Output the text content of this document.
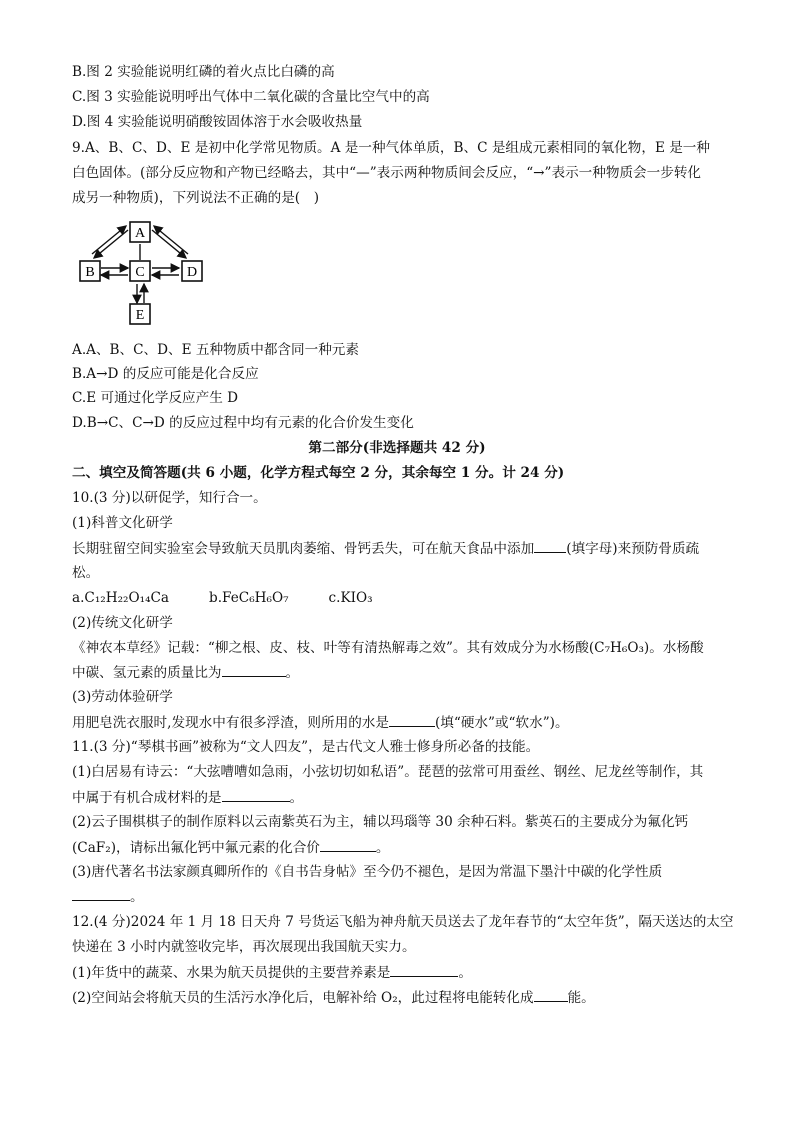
B.图 2 实验能说明红磷的着火点比白磷的高
C.图 3 实验能说明呼出气体中二氧化碳的含量比空气中的高
D.图 4 实验能说明硝酸铵固体溶于水会吸收热量
9.A、B、C、D、E 是初中化学常见物质。A 是一种气体单质，B、C 是组成元素相同的氧化物，E 是一种
白色固体。(部分反应物和产物已经略去，其中“—”表示两种物质间会反应，“→”表示一种物质会一步转化
成另一种物质)，下列说法不正确的是(　)
A
B	C	D
E
A.A、B、C、D、E 五种物质中都含同一种元素
B.A→D 的反应可能是化合反应
C.E 可通过化学反应产生 D
D.B→C、C→D 的反应过程中均有元素的化合价发生变化
第二部分(非选择题共 42 分)
二、填空及简答题(共 6 小题，化学方程式每空 2 分，其余每空 1 分。计 24 分)
10.(3 分)以研促学，知行合一。
(1)科普文化研学
长期驻留空间实验室会导致航天员肌肉萎缩、骨钙丢失，可在航天食品中添加 (填字母)来预防骨质疏
松。
a.C₁₂H₂₂O₁₄Ca	b.FeC₆H₆O₇	c.KIO₃
(2)传统文化研学
《神农本草经》记载：“柳之根、皮、枝、叶等有清热解毒之效”。其有效成分为水杨酸(C₇H₆O₃)。水杨酸
中碳、氢元素的质量比为	。
(3)劳动体验研学
用肥皂洗衣服时,发现水中有很多浮渣，则所用的水是	(填“硬水”或“软水”)。
11.(3 分)“琴棋书画”被称为“文人四友”，是古代文人雅士修身所必备的技能。
(1)白居易有诗云：“大弦嘈嘈如急雨，小弦切切如私语”。琵琶的弦常可用蚕丝、钢丝、尼龙丝等制作，其
中属于有机合成材料的是	。
(2)云子围棋棋子的制作原料以云南紫英石为主，辅以玛瑙等 30 余种石料。紫英石的主要成分为氟化钙
(CaF₂)，请标出氟化钙中氟元素的化合价	。
(3)唐代著名书法家颜真卿所作的《自书告身帖》至今仍不褪色，是因为常温下墨汁中碳的化学性质
。
12.(4 分)2024 年 1 月 18 日天舟 7 号货运飞船为神舟航天员送去了龙年春节的“太空年货”，隔天送达的太空
快递在 3 小时内就签收完毕，再次展现出我国航天实力。
(1)年货中的蔬菜、水果为航天员提供的主要营养素是	。
(2)空间站会将航天员的生活污水净化后，电解补给 O₂，此过程将电能转化成	能。
